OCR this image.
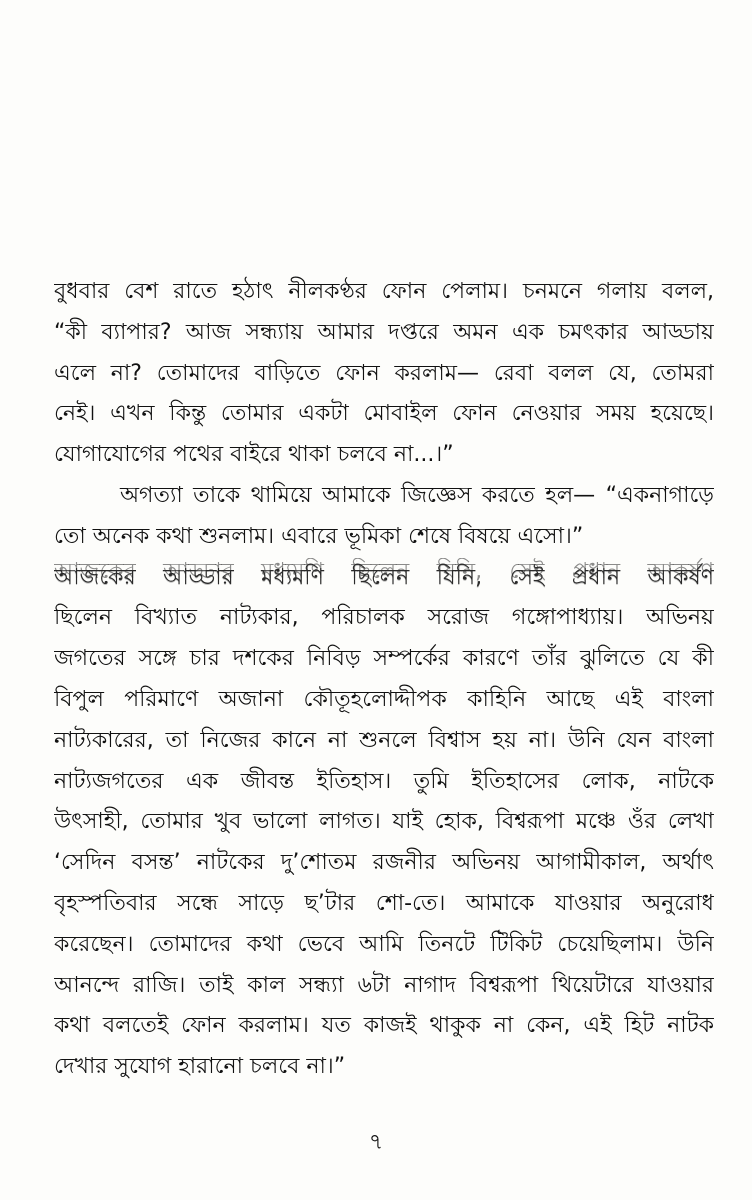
বুধবার বেশ রাতে হঠাৎ নীলকণ্ঠর ফোন পেলাম। চনমনে গলায় বলল,
“কী ব্যাপার? আজ সন্ধ্যায় আমার দপ্তরে অমন এক চমৎকার আড্ডায়
এলে না? তোমাদের বাড়িতে ফোন করলাম— রেবা বলল যে, তোমরা
নেই। এখন কিন্তু তোমার একটা মোবাইল ফোন নেওয়ার সময় হয়েছে।
যোগাযোগের পথের বাইরে থাকা চলবে না...।”
অগত্যা তাকে থামিয়ে আমাকে জিজ্ঞেস করতে হল— “একনাগাড়ে
তো অনেক কথা শুনলাম। এবারে ভূমিকা শেষে বিষয়ে এসো।”
আজকের আড্ডার মধ্যমণি ছিলেন যিনি, সেই প্রধান আকর্ষণ
ছিলেন বিখ্যাত নাট্যকার, পরিচালক সরোজ গঙ্গোপাধ্যায়। অভিনয়
জগতের সঙ্গে চার দশকের নিবিড় সম্পর্কের কারণে তাঁর ঝুলিতে যে কী
বিপুল পরিমাণে অজানা কৌতূহলোদ্দীপক কাহিনি আছে এই বাংলা
নাট্যকারের, তা নিজের কানে না শুনলে বিশ্বাস হয় না। উনি যেন বাংলা
নাট্যজগতের এক জীবন্ত ইতিহাস। তুমি ইতিহাসের লোক, নাটকে
উৎসাহী, তোমার খুব ভালো লাগত। যাই হোক, বিশ্বরূপা মঞ্চে ওঁর লেখা
‘সেদিন বসন্ত’ নাটকের দু’শোতম রজনীর অভিনয় আগামীকাল, অর্থাৎ
বৃহস্পতিবার সন্ধে সাড়ে ছ’টার শো-তে। আমাকে যাওয়ার অনুরোধ
করেছেন। তোমাদের কথা ভেবে আমি তিনটে টিকিট চেয়েছিলাম। উনি
আনন্দে রাজি। তাই কাল সন্ধ্যা ৬টা নাগাদ বিশ্বরূপা থিয়েটারে যাওয়ার
কথা বলতেই ফোন করলাম। যত কাজই থাকুক না কেন, এই হিট নাটক
দেখার সুযোগ হারানো চলবে না।”
৭
